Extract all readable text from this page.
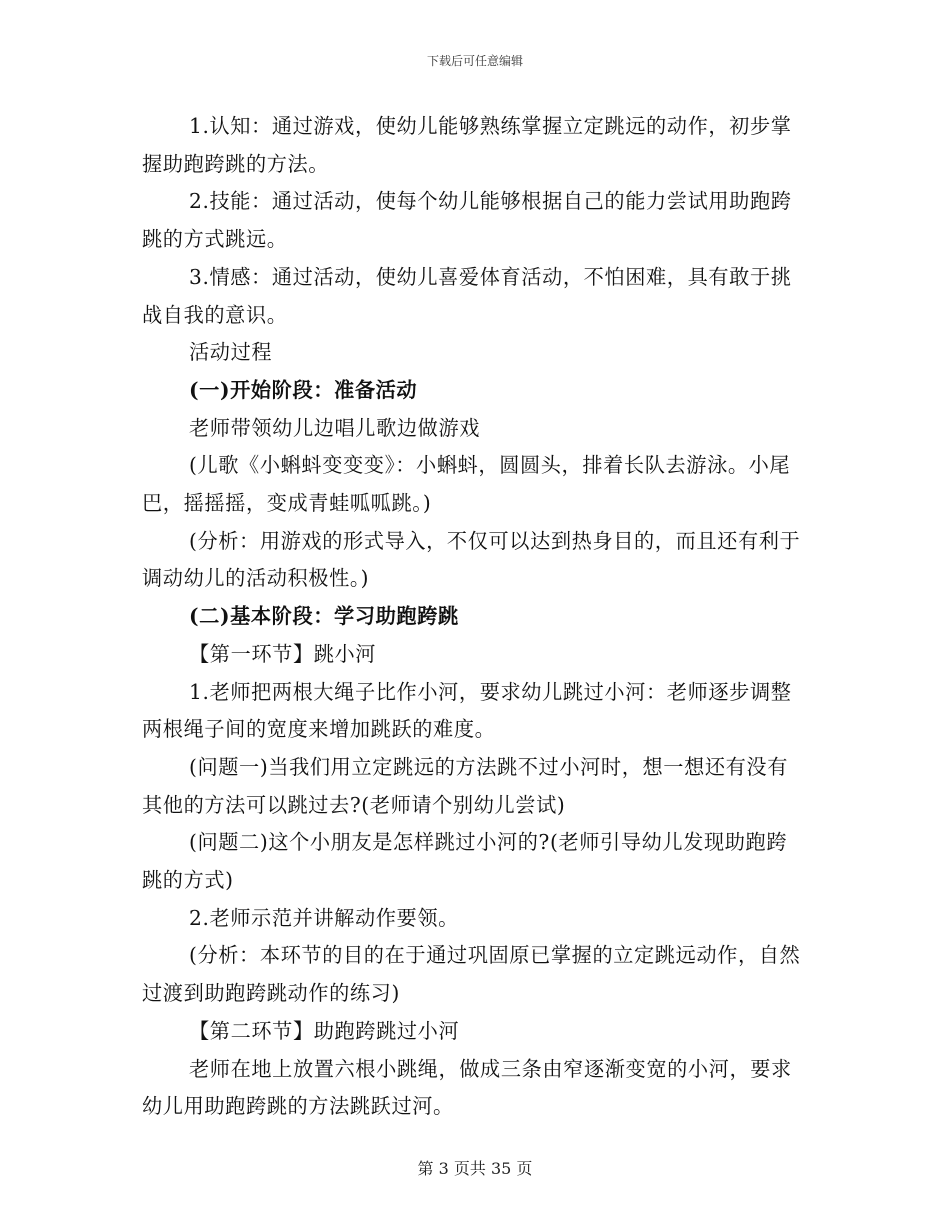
下载后可任意编辑

1.认知：通过游戏，使幼儿能够熟练掌握立定跳远的动作，初步掌握助跑跨跳的方法。

2.技能：通过活动，使每个幼儿能够根据自己的能力尝试用助跑跨跳的方式跳远。

3.情感：通过活动，使幼儿喜爱体育活动，不怕困难，具有敢于挑战自我的意识。

活动过程

(一)开始阶段：准备活动

老师带领幼儿边唱儿歌边做游戏

(儿歌《小蝌蚪变变变》：小蝌蚪，圆圆头，排着长队去游泳。小尾巴，摇摇摇，变成青蛙呱呱跳。)

(分析：用游戏的形式导入，不仅可以达到热身目的，而且还有利于调动幼儿的活动积极性。)

(二)基本阶段：学习助跑跨跳

【第一环节】跳小河

1.老师把两根大绳子比作小河，要求幼儿跳过小河：老师逐步调整两根绳子间的宽度来增加跳跃的难度。

(问题一)当我们用立定跳远的方法跳不过小河时，想一想还有没有其他的方法可以跳过去?(老师请个别幼儿尝试)

(问题二)这个小朋友是怎样跳过小河的?(老师引导幼儿发现助跑跨跳的方式)

2.老师示范并讲解动作要领。

(分析：本环节的目的在于通过巩固原已掌握的立定跳远动作，自然过渡到助跑跨跳动作的练习)

【第二环节】助跑跨跳过小河

老师在地上放置六根小跳绳，做成三条由窄逐渐变宽的小河，要求幼儿用助跑跨跳的方法跳跃过河。

第 3 页共 35 页
